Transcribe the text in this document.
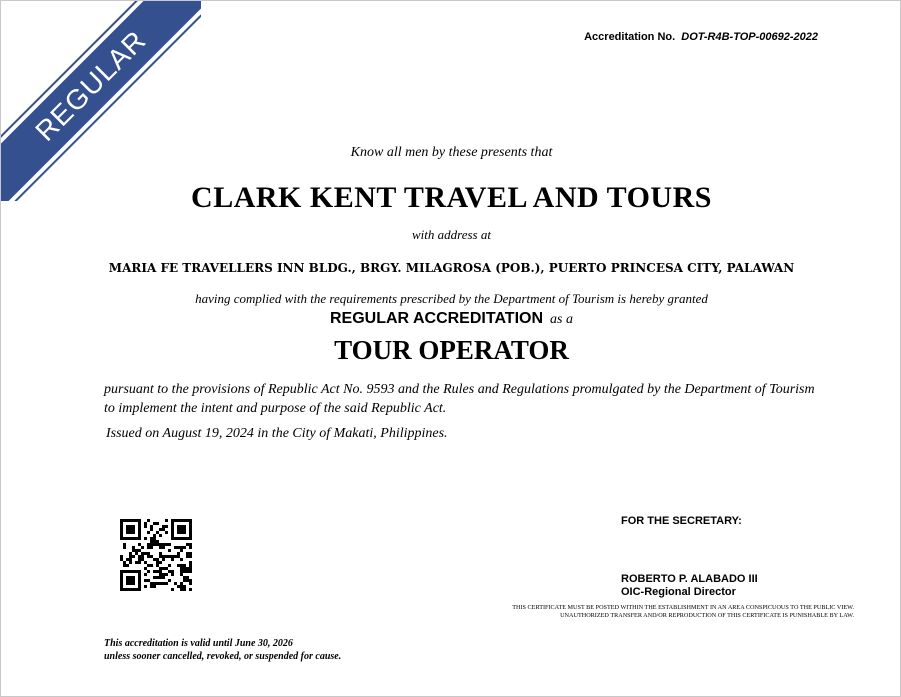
REGULAR	Accreditation No. DOT-R4B-TOP-00692-2022
Know all men by these presents that
CLARK KENT TRAVEL AND TOURS
with address at
MARIA FE TRAVELLERS INN BLDG., BRGY. MILAGROSA (POB.), PUERTO PRINCESA CITY, PALAWAN
having complied with the requirements prescribed by the Department of Tourism is hereby granted
REGULAR ACCREDITATION as a
TOUR OPERATOR
pursuant to the provisions of Republic Act No. 9593 and the Rules and Regulations promulgated by the Department of Tourism to implement the intent and purpose of the said Republic Act.
Issued on August 19, 2024 in the City of Makati, Philippines.
FOR THE SECRETARY:
ROBERTO P. ALABADO III
OIC-Regional Director
THIS CERTIFICATE MUST BE POSTED WITHIN THE ESTABLISHMENT IN AN AREA CONSPICUOUS TO THE PUBLIC VIEW.
UNAUTHORIZED TRANSFER AND/OR REPRODUCTION OF THIS CERTIFICATE IS PUNISHABLE BY LAW.
This accreditation is valid until June 30, 2026
unless sooner cancelled, revoked, or suspended for cause.
